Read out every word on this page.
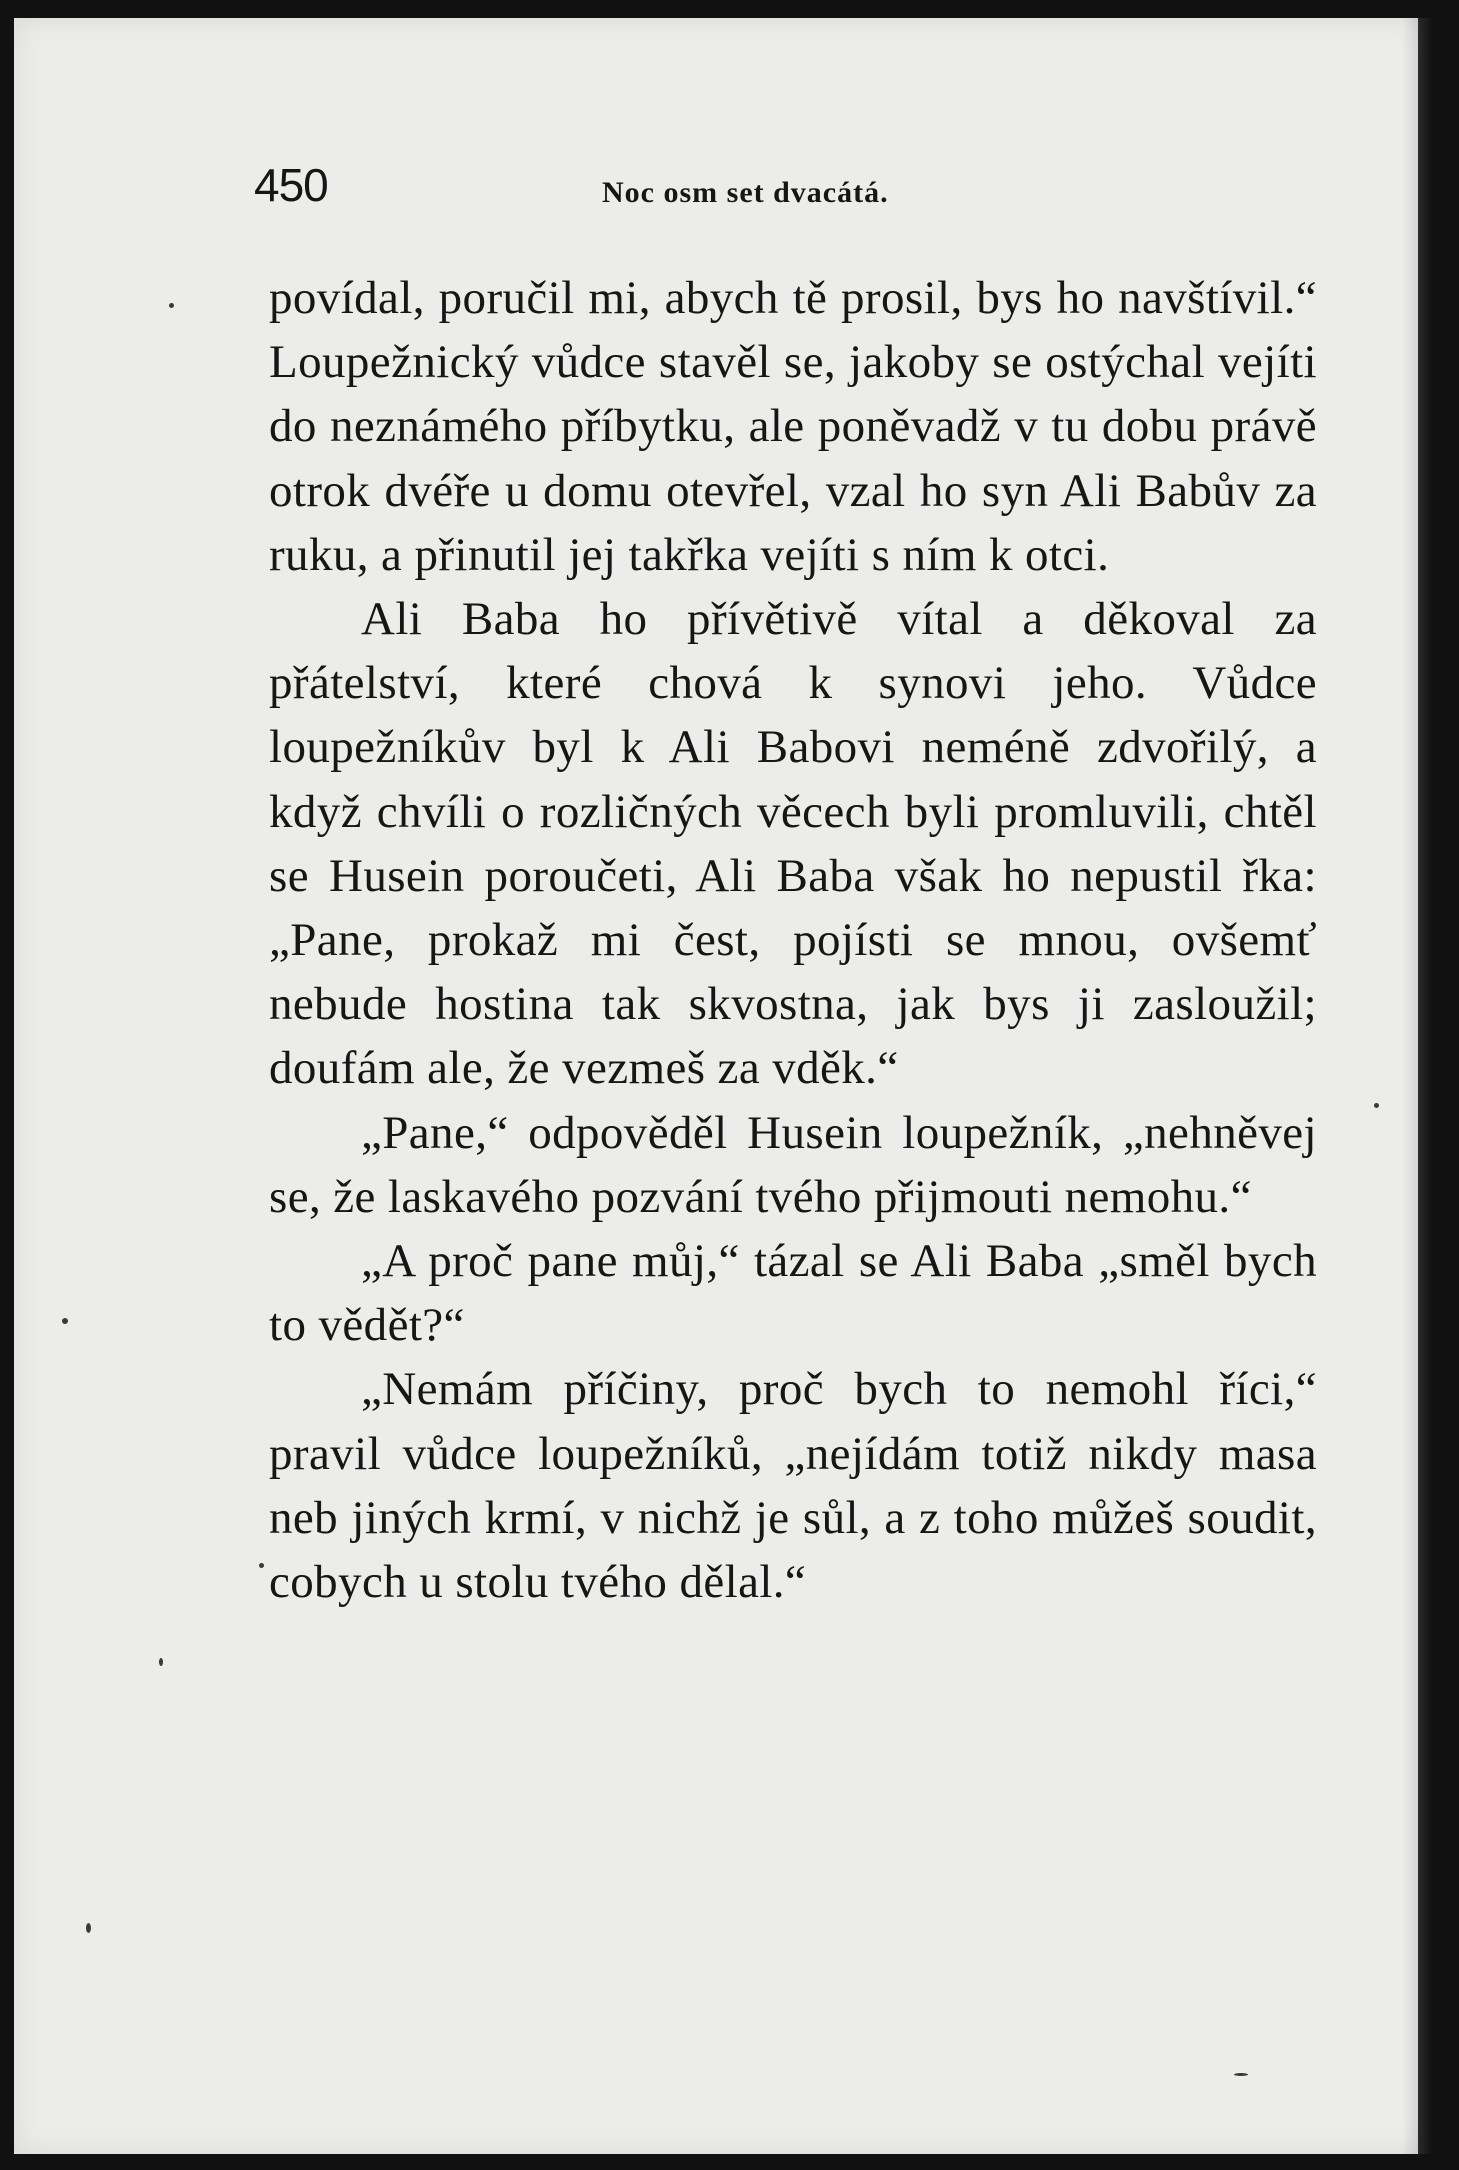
450	Noc osm set dvacátá.

povídal, poručil mi, abych tě prosil, bys ho navštívil.“ Loupežnický vůdce stavěl se, jakoby se ostýchal vejíti do neznámého příbytku, ale poněvadž v tu dobu právě otrok dvéře u domu otevřel, vzal ho syn Ali Babův za ruku, a přinutil jej takřka vejíti s ním k otci.

Ali Baba ho přívětivě vítal a děkoval za přátelství, které chová k synovi jeho. Vůdce loupežníkův byl k Ali Babovi neméně zdvořilý, a když chvíli o rozličných věcech byli promluvili, chtěl se Husein poroučeti, Ali Baba však ho nepustil řka: „Pane, prokaž mi čest, pojísti se mnou, ovšemť nebude hostina tak skvostna, jak bys ji zasloužil; doufám ale, že vezmeš za vděk.“

„Pane,“ odpověděl Husein loupežník, „nehněvej se, že laskavého pozvání tvého přijmouti nemohu.“

„A proč pane můj,“ tázal se Ali Baba „směl bych to vědět?“

„Nemám příčiny, proč bych to nemohl říci,“ pravil vůdce loupežníků, „nejídám totiž nikdy masa neb jiných krmí, v nichž je sůl, a z toho můžeš soudit, cobych u stolu tvého dělal.“
